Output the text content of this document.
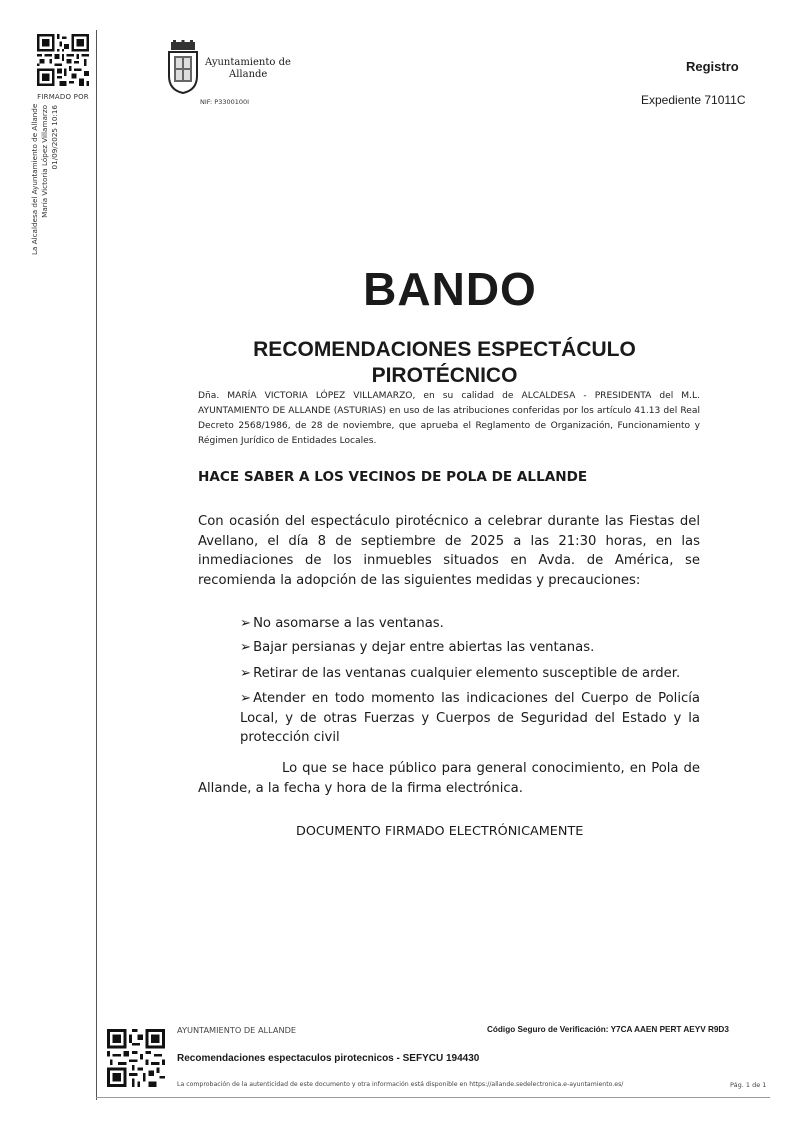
FIRMADO POR
La Alcaldesa del Ayuntamiento de Allande María Victoria López Villamarzo 01/09/2025 10:16
Ayuntamiento de
Allande
NIF: P3300100I
Registro
Expediente 71011C
BANDO
RECOMENDACIONES ESPECTÁCULO PIROTÉCNICO
Dña. MARÍA VICTORIA LÓPEZ VILLAMARZO, en su calidad de ALCALDESA - PRESIDENTA del M.L. AYUNTAMIENTO DE ALLANDE (ASTURIAS) en uso de las atribuciones conferidas por los artículo 41.13 del Real Decreto 2568/1986, de 28 de noviembre, que aprueba el Reglamento de Organización, Funcionamiento y Régimen Jurídico de Entidades Locales.
HACE SABER A LOS VECINOS DE POLA DE ALLANDE
Con ocasión del espectáculo pirotécnico a celebrar durante las Fiestas del Avellano, el día 8 de septiembre de 2025 a las 21:30 horas, en las inmediaciones de los inmuebles situados en Avda. de América, se recomienda la adopción de las siguientes medidas y precauciones:
➢ No asomarse a las ventanas.
➢ Bajar persianas y dejar entre abiertas las ventanas.
➢ Retirar de las ventanas cualquier elemento susceptible de arder.
➢ Atender en todo momento las indicaciones del Cuerpo de Policía Local, y de otras Fuerzas y Cuerpos de Seguridad del Estado y la protección civil
Lo que se hace público para general conocimiento, en Pola de Allande, a la fecha y hora de la firma electrónica.
DOCUMENTO FIRMADO ELECTRÓNICAMENTE
AYUNTAMIENTO DE ALLANDE	Código Seguro de Verificación: Y7CA AAEN PERT AEYV R9D3
Recomendaciones espectaculos pirotecnicos - SEFYCU 194430
La comprobación de la autenticidad de este documento y otra información está disponible en https://allande.sedelectronica.e-ayuntamiento.es/	Pág. 1 de 1
